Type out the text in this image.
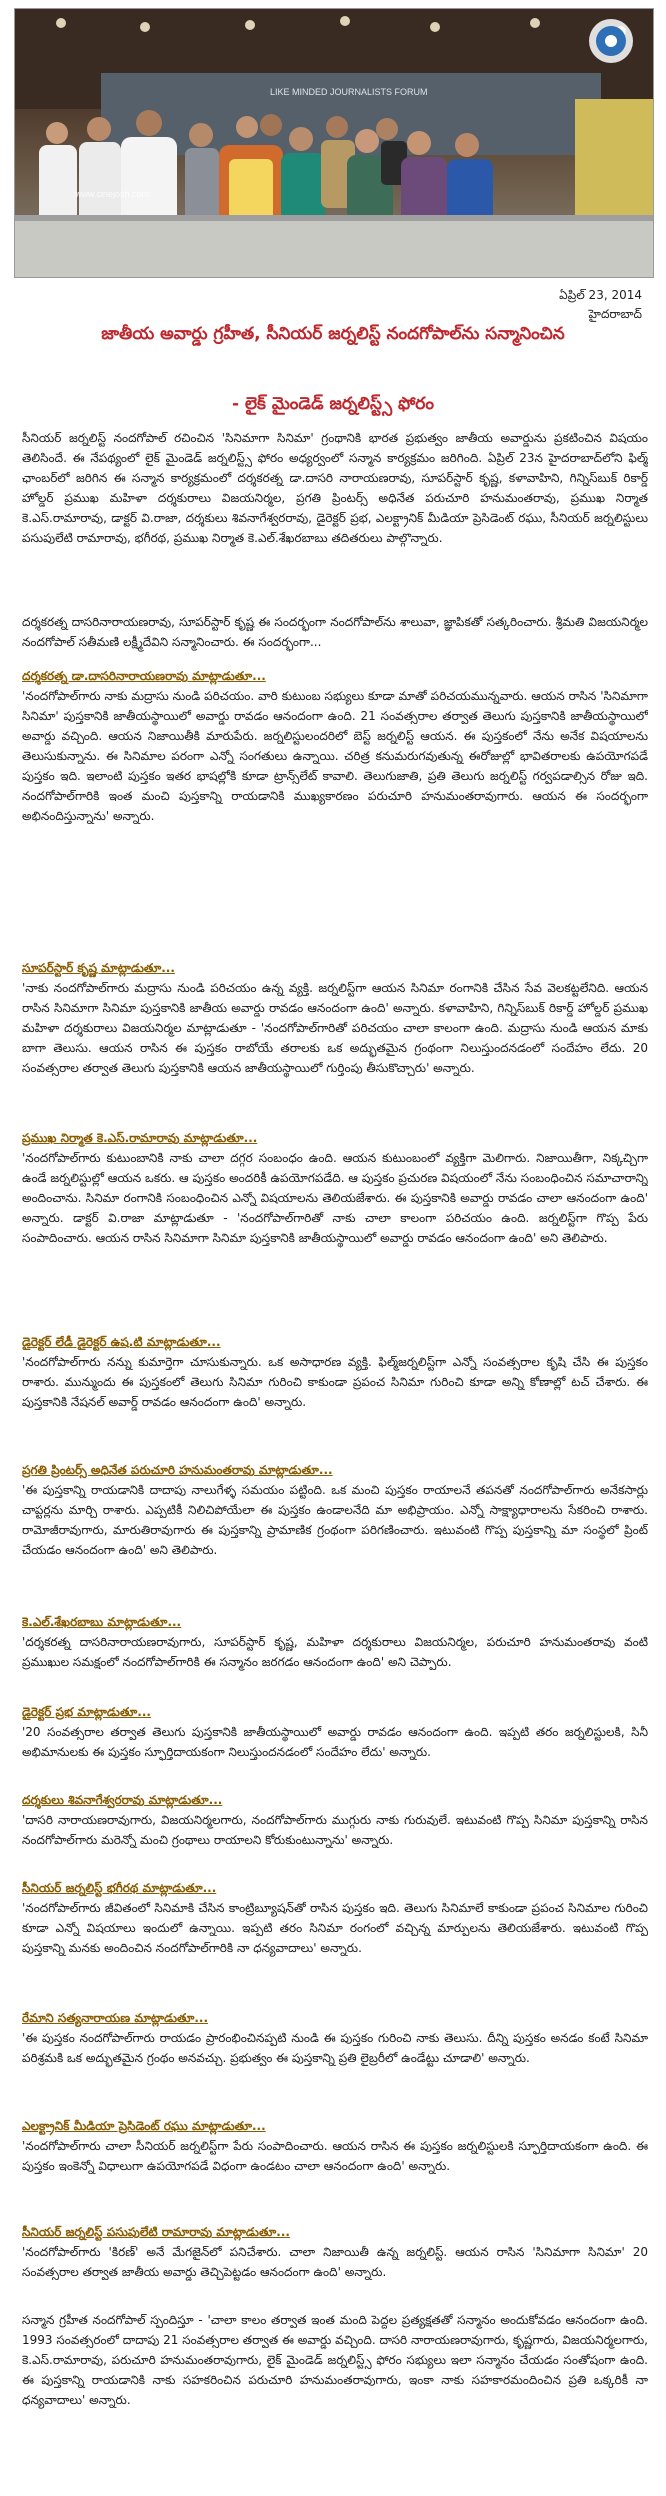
LIKE MINDED JOURNALISTS FORUM
www.cinejosh.com
ఏప్రిల్ 23, 2014
హైదరాబాద్
జాతీయ అవార్డు గ్రహీత, సీనియర్ జర్నలిస్ట్ నందగోపాల్‌ను సన్మానించిన
- లైక్ మైండెడ్ జర్నలిస్ట్స్ ఫోరం

సీనియర్ జర్నలిస్ట్ నందగోపాల్ రచించిన 'సినిమాగా సినిమా' గ్రంథానికి భారత ప్రభుత్వం జాతీయ అవార్డును ప్రకటించిన విషయం తెలిసిందే. ఈ నేపథ్యంలో లైక్ మైండెడ్ జర్నలిస్ట్స్ ఫోరం అధ్యర్వంలో సన్మాన కార్యక్రమం జరిగింది. ఏప్రిల్ 23న హైదరాబాద్‌లోని ఫిల్మ్ ఛాంబర్‌లో జరిగిన ఈ సన్మాన కార్యక్రమంలో దర్శకరత్న డా.దాసరి నారాయణరావు, సూపర్‌స్టార్ కృష్ణ, కళావాహిని, గిన్నిస్‌బుక్ రికార్డ్ హోల్డర్ ప్రముఖ మహిళా దర్శకురాలు విజయనిర్మల, ప్రగతి ప్రింటర్స్ అధినేత పరుచూరి హనుమంతరావు, ప్రముఖ నిర్మాత కె.ఎస్.రామారావు, డాక్టర్ వి.రాజా, దర్శకులు శివనాగేశ్వరరావు, డైరెక్టర్ ప్రభ, ఎలక్ట్రానిక్ మీడియా ప్రెసిడెంట్ రఘు, సీనియర్ జర్నలిస్టులు పసుపులేటి రామారావు, భగీరథ, ప్రముఖ నిర్మాత కె.ఎల్.శేఖరబాబు తదితరులు పాల్గొన్నారు.

దర్శకరత్న దాసరినారాయణరావు, సూపర్‌స్టార్ కృష్ణ ఈ సందర్భంగా నందగోపాల్‌ను శాలువా, జ్ఞాపికతో సత్కరించారు. శ్రీమతి విజయనిర్మల నందగోపాల్ సతీమణి లక్ష్మీదేవిని సన్మానించారు. ఈ సందర్భంగా...

దర్శకరత్న డా.దాసరినారాయణరావు మాట్లాడుతూ...

'నందగోపాల్‌గారు నాకు మద్రాసు నుండి పరిచయం. వారి కుటుంబ సభ్యులు కూడా మాతో పరిచయమున్నవారు. ఆయన రాసిన 'సినిమాగా సినిమా' పుస్తకానికి జాతీయస్థాయిలో అవార్డు రావడం ఆనందంగా ఉంది. 21 సంవత్సరాల తర్వాత తెలుగు పుస్తకానికి జాతీయస్థాయిలో అవార్డు వచ్చింది. ఆయన నిజాయితీకి మారుపేరు. జర్నలిస్టులందరిలో బెస్ట్ జర్నలిస్ట్ ఆయన. ఈ పుస్తకంలో నేను అనేక విషయాలను తెలుసుకున్నాను. ఈ సినిమాల పరంగా ఎన్నో సంగతులు ఉన్నాయి. చరిత్ర కనుమరుగవుతున్న ఈరోజుల్లో భావితరాలకు ఉపయోగపడే పుస్తకం ఇది. ఇలాంటి పుస్తకం ఇతర భాషల్లోకి కూడా ట్రాన్స్‌లేట్ కావాలి. తెలుగుజాతి, ప్రతి తెలుగు జర్నలిస్ట్ గర్వపడాల్సిన రోజు ఇది. నందగోపాల్‌గారికి ఇంత మంచి పుస్తకాన్ని రాయడానికి ముఖ్యకారణం పరుచూరి హనుమంతరావుగారు. ఆయన ఈ సందర్భంగా అభినందిస్తున్నాను' అన్నారు.

సూపర్‌స్టార్ కృష్ణ మాట్లాడుతూ...

'నాకు నందగోపాల్‌గారు మద్రాసు నుండి పరిచయం ఉన్న వ్యక్తి. జర్నలిస్ట్‌గా ఆయన సినిమా రంగానికి చేసిన సేవ వెలకట్టలేనిది. ఆయన రాసిన సినిమాగా సినిమా పుస్తకానికి జాతీయ అవార్డు రావడం ఆనందంగా ఉంది' అన్నారు. కళావాహిని, గిన్నిస్‌బుక్ రికార్డ్ హోల్డర్ ప్రముఖ మహిళా దర్శకురాలు విజయనిర్మల మాట్లాడుతూ - 'నందగోపాల్‌గారితో పరిచయం చాలా కాలంగా ఉంది. మద్రాసు నుండి ఆయన మాకు బాగా తెలుసు. ఆయన రాసిన ఈ పుస్తకం రాబోయే తరాలకు ఒక అద్భుతమైన గ్రంథంగా నిలుస్తుందనడంలో సందేహం లేదు. 20 సంవత్సరాల తర్వాత తెలుగు పుస్తకానికి ఆయన జాతీయస్థాయిలో గుర్తింపు తీసుకొచ్చారు' అన్నారు.

ప్రముఖ నిర్మాత కె.ఎస్.రామారావు మాట్లాడుతూ...

'నందగోపాల్‌గారు కుటుంబానికి నాకు చాలా దగ్గర సంబంధం ఉంది. ఆయన కుటుంబంలో వ్యక్తిగా మెలిగారు. నిజాయితీగా, నిక్కచ్చిగా ఉండే జర్నలిస్టుల్లో ఆయన ఒకరు. ఆ పుస్తకం అందరికీ ఉపయోగపడేది. ఆ పుస్తకం ప్రచురణ విషయంలో నేను సంబంధించిన సమాచారాన్ని అందించాను. సినిమా రంగానికి సంబంధించిన ఎన్నో విషయాలను తెలియజేశారు. ఈ పుస్తకానికి అవార్డు రావడం చాలా ఆనందంగా ఉంది' అన్నారు. డాక్టర్ వి.రాజా మాట్లాడుతూ - 'నందగోపాల్‌గారితో నాకు చాలా కాలంగా పరిచయం ఉంది. జర్నలిస్ట్‌గా గొప్ప పేరు సంపాదించారు. ఆయన రాసిన సినిమాగా సినిమా పుస్తకానికి జాతీయస్థాయిలో అవార్డు రావడం ఆనందంగా ఉంది' అని తెలిపారు.

డైరెక్టర్ లేడీ డైరెక్టర్ ఉష.టి మాట్లాడుతూ...

'నందగోపాల్‌గారు నన్ను కుమార్తెగా చూసుకున్నారు. ఒక అసాధారణ వ్యక్తి. ఫిల్మ్‌జర్నలిస్ట్‌గా ఎన్నో సంవత్సరాల కృషి చేసి ఈ పుస్తకం రాశారు. మున్ముందు ఈ పుస్తకంలో తెలుగు సినిమా గురించి కాకుండా ప్రపంచ సినిమా గురించి కూడా అన్ని కోణాల్లో టచ్ చేశారు. ఈ పుస్తకానికి నేషనల్ అవార్డ్ రావడం ఆనందంగా ఉంది' అన్నారు.

ప్రగతి ప్రింటర్స్ అధినేత పరుచూరి హనుమంతరావు మాట్లాడుతూ...

'ఈ పుస్తకాన్ని రాయడానికి దాదాపు నాలుగేళ్ళ సమయం పట్టింది. ఒక మంచి పుస్తకం రాయాలనే తపనతో నందగోపాల్‌గారు అనేకసార్లు చాప్టర్లను మార్చి రాశారు. ఎప్పటికీ నిలిచిపోయేలా ఈ పుస్తకం ఉండాలనేది మా అభిప్రాయం. ఎన్నో సాక్ష్యాధారాలను సేకరించి రాశారు. రామోజీరావుగారు, మారుతిరావుగారు ఈ పుస్తకాన్ని ప్రామాణిక గ్రంథంగా పరిగణించారు. ఇటువంటి గొప్ప పుస్తకాన్ని మా సంస్థలో ప్రింట్ చేయడం ఆనందంగా ఉంది' అని తెలిపారు.

కె.ఎల్.శేఖరబాబు మాట్లాడుతూ...

'దర్శకరత్న దాసరినారాయణరావుగారు, సూపర్‌స్టార్ కృష్ణ, మహిళా దర్శకురాలు విజయనిర్మల, పరుచూరి హనుమంతరావు వంటి ప్రముఖుల సమక్షంలో నందగోపాల్‌గారికి ఈ సన్మానం జరగడం ఆనందంగా ఉంది' అని చెప్పారు.

డైరెక్టర్ ప్రభ మాట్లాడుతూ...

'20 సంవత్సరాల తర్వాత తెలుగు పుస్తకానికి జాతీయస్థాయిలో అవార్డు రావడం ఆనందంగా ఉంది. ఇప్పటి తరం జర్నలిస్టులకి, సినీ అభిమానులకు ఈ పుస్తకం స్ఫూర్తిదాయకంగా నిలుస్తుందనడంలో సందేహం లేదు' అన్నారు.

దర్శకులు శివనాగేశ్వరరావు మాట్లాడుతూ...

'దాసరి నారాయణరావుగారు, విజయనిర్మలగారు, నందగోపాల్‌గారు ముగ్గురు నాకు గురువులే. ఇటువంటి గొప్ప సినిమా పుస్తకాన్ని రాసిన నందగోపాల్‌గారు మరెన్నో మంచి గ్రంథాలు రాయాలని కోరుకుంటున్నాను' అన్నారు.

సీనియర్ జర్నలిస్ట్ భగీరథ మాట్లాడుతూ...

'నందగోపాల్‌గారు జీవితంలో సినిమాకి చేసిన కాంట్రిబ్యూషన్‌తో రాసిన పుస్తకం ఇది. తెలుగు సినిమాలే కాకుండా ప్రపంచ సినిమాల గురించి కూడా ఎన్నో విషయాలు ఇందులో ఉన్నాయి. ఇప్పటి తరం సినిమా రంగంలో వచ్చిన్న మార్పులను తెలియజేశారు. ఇటువంటి గొప్ప పుస్తకాన్ని మనకు అందించిన నందగోపాల్‌గారికి నా ధన్యవాదాలు' అన్నారు.

రేమాని సత్యనారాయణ మాట్లాడుతూ...

'ఈ పుస్తకం నందగోపాల్‌గారు రాయడం ప్రారంభించినప్పటి నుండి ఈ పుస్తకం గురించి నాకు తెలుసు. దీన్ని పుస్తకం అనడం కంటే సినిమా పరిశ్రమకి ఒక అద్భుతమైన గ్రంథం అనవచ్చు. ప్రభుత్వం ఈ పుస్తకాన్ని ప్రతి లైబ్రరీలో ఉండేట్టు చూడాలి' అన్నారు.

ఎలక్ట్రానిక్ మీడియా ప్రెసిడెంట్ రఘు మాట్లాడుతూ...

'నందగోపాల్‌గారు చాలా సీనియర్ జర్నలిస్ట్‌గా పేరు సంపాదించారు. ఆయన రాసిన ఈ పుస్తకం జర్నలిస్టులకి స్ఫూర్తిదాయకంగా ఉంది. ఈ పుస్తకం ఇంకెన్నో విధాలుగా ఉపయోగపడే విధంగా ఉండటం చాలా ఆనందంగా ఉంది' అన్నారు.

సీనియర్ జర్నలిస్ట్ పసుపులేటి రామారావు మాట్లాడుతూ...

'నందగోపాల్‌గారు 'కిరణ్' అనే మేగజైన్‌లో పనిచేశారు. చాలా నిజాయితీ ఉన్న జర్నలిస్ట్. ఆయన రాసిన 'సినిమాగా సినిమా' 20 సంవత్సరాల తర్వాత జాతీయ అవార్డు తెచ్చిపెట్టడం ఆనందంగా ఉంది' అన్నారు.

సన్మాన గ్రహీత నందగోపాల్ స్పందిస్తూ - 'చాలా కాలం తర్వాత ఇంత మంది పెద్దల ప్రత్యక్షతతో సన్మానం అందుకోవడం ఆనందంగా ఉంది. 1993 సంవత్సరంలో దాదాపు 21 సంవత్సరాల తర్వాత ఈ అవార్డు వచ్చింది. దాసరి నారాయణరావుగారు, కృష్ణగారు, విజయనిర్మలగారు, కె.ఎస్.రామారావు, పరుచూరి హనుమంతరావుగారు, లైక్ మైండెడ్ జర్నలిస్ట్స్ ఫోరం సభ్యులు ఇలా సన్మానం చేయడం సంతోషంగా ఉంది. ఈ పుస్తకాన్ని రాయడానికి నాకు సహకరించిన పరుచూరి హనుమంతరావుగారు, ఇంకా నాకు సహకారమందించిన ప్రతి ఒక్కరికీ నా ధన్యవాదాలు' అన్నారు.
